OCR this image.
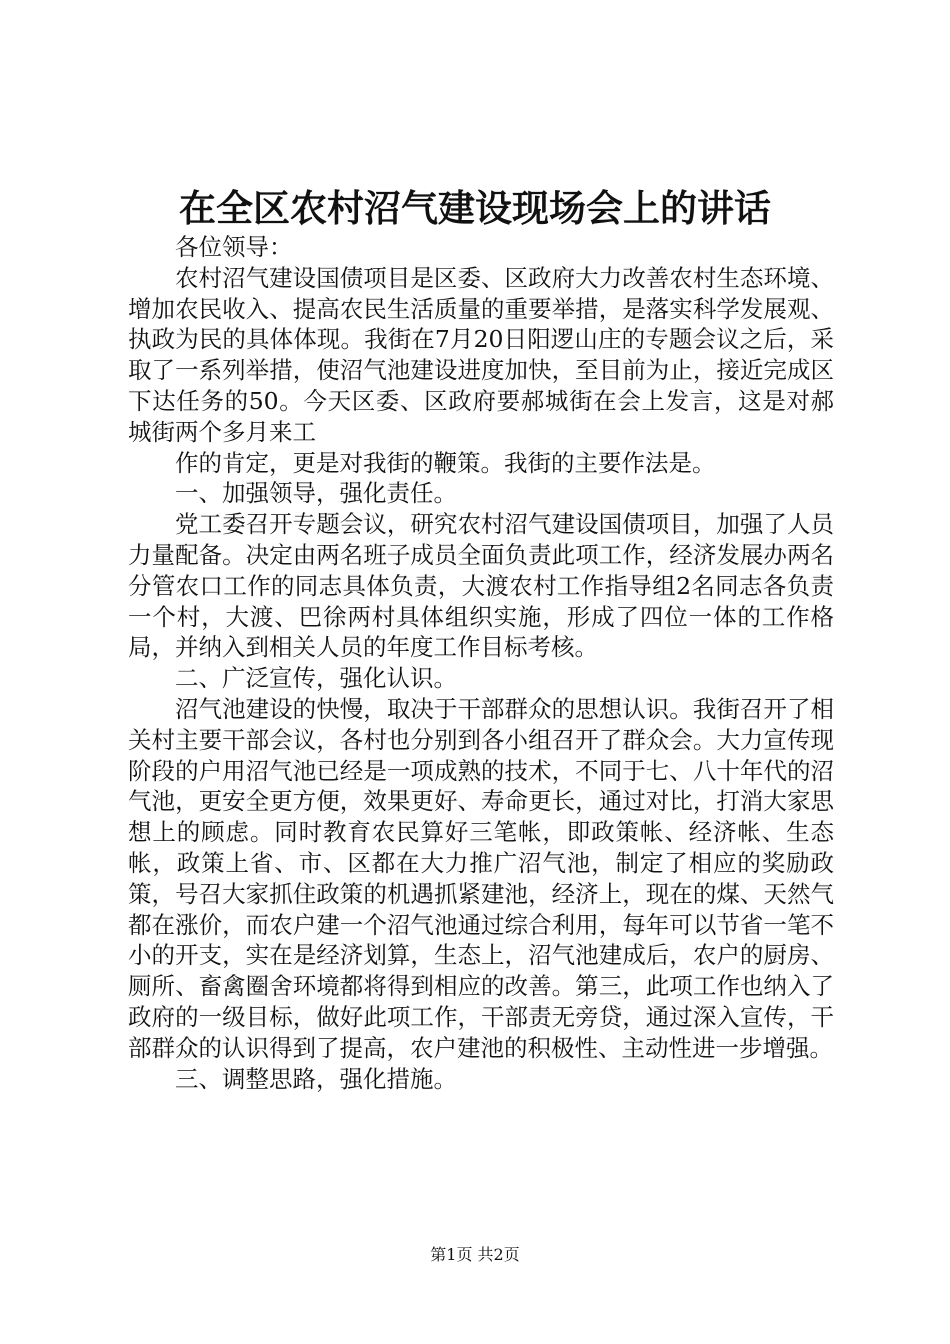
在全区农村沼气建设现场会上的讲话

各位领导：

农村沼气建设国债项目是区委、区政府大力改善农村生态环境、增加农民收入、提高农民生活质量的重要举措，是落实科学发展观、执政为民的具体体现。我街在7月20日阳逻山庄的专题会议之后，采取了一系列举措，使沼气池建设进度加快，至目前为止，接近完成区下达任务的50。今天区委、区政府要郝城街在会上发言，这是对郝城街两个多月来工

作的肯定，更是对我街的鞭策。我街的主要作法是。

一、加强领导，强化责任。

党工委召开专题会议，研究农村沼气建设国债项目，加强了人员力量配备。决定由两名班子成员全面负责此项工作，经济发展办两名分管农口工作的同志具体负责，大渡农村工作指导组2名同志各负责一个村，大渡、巴徐两村具体组织实施，形成了四位一体的工作格局，并纳入到相关人员的年度工作目标考核。

二、广泛宣传，强化认识。

沼气池建设的快慢，取决于干部群众的思想认识。我街召开了相关村主要干部会议，各村也分别到各小组召开了群众会。大力宣传现阶段的户用沼气池已经是一项成熟的技术，不同于七、八十年代的沼气池，更安全更方便，效果更好、寿命更长，通过对比，打消大家思想上的顾虑。同时教育农民算好三笔帐，即政策帐、经济帐、生态帐，政策上省、市、区都在大力推广沼气池，制定了相应的奖励政策，号召大家抓住政策的机遇抓紧建池，经济上，现在的煤、天然气都在涨价，而农户建一个沼气池通过综合利用，每年可以节省一笔不小的开支，实在是经济划算，生态上，沼气池建成后，农户的厨房、厕所、畜禽圈舍环境都将得到相应的改善。第三，此项工作也纳入了政府的一级目标，做好此项工作，干部责无旁贷，通过深入宣传，干部群众的认识得到了提高，农户建池的积极性、主动性进一步增强。

三、调整思路，强化措施。

第1页 共2页
